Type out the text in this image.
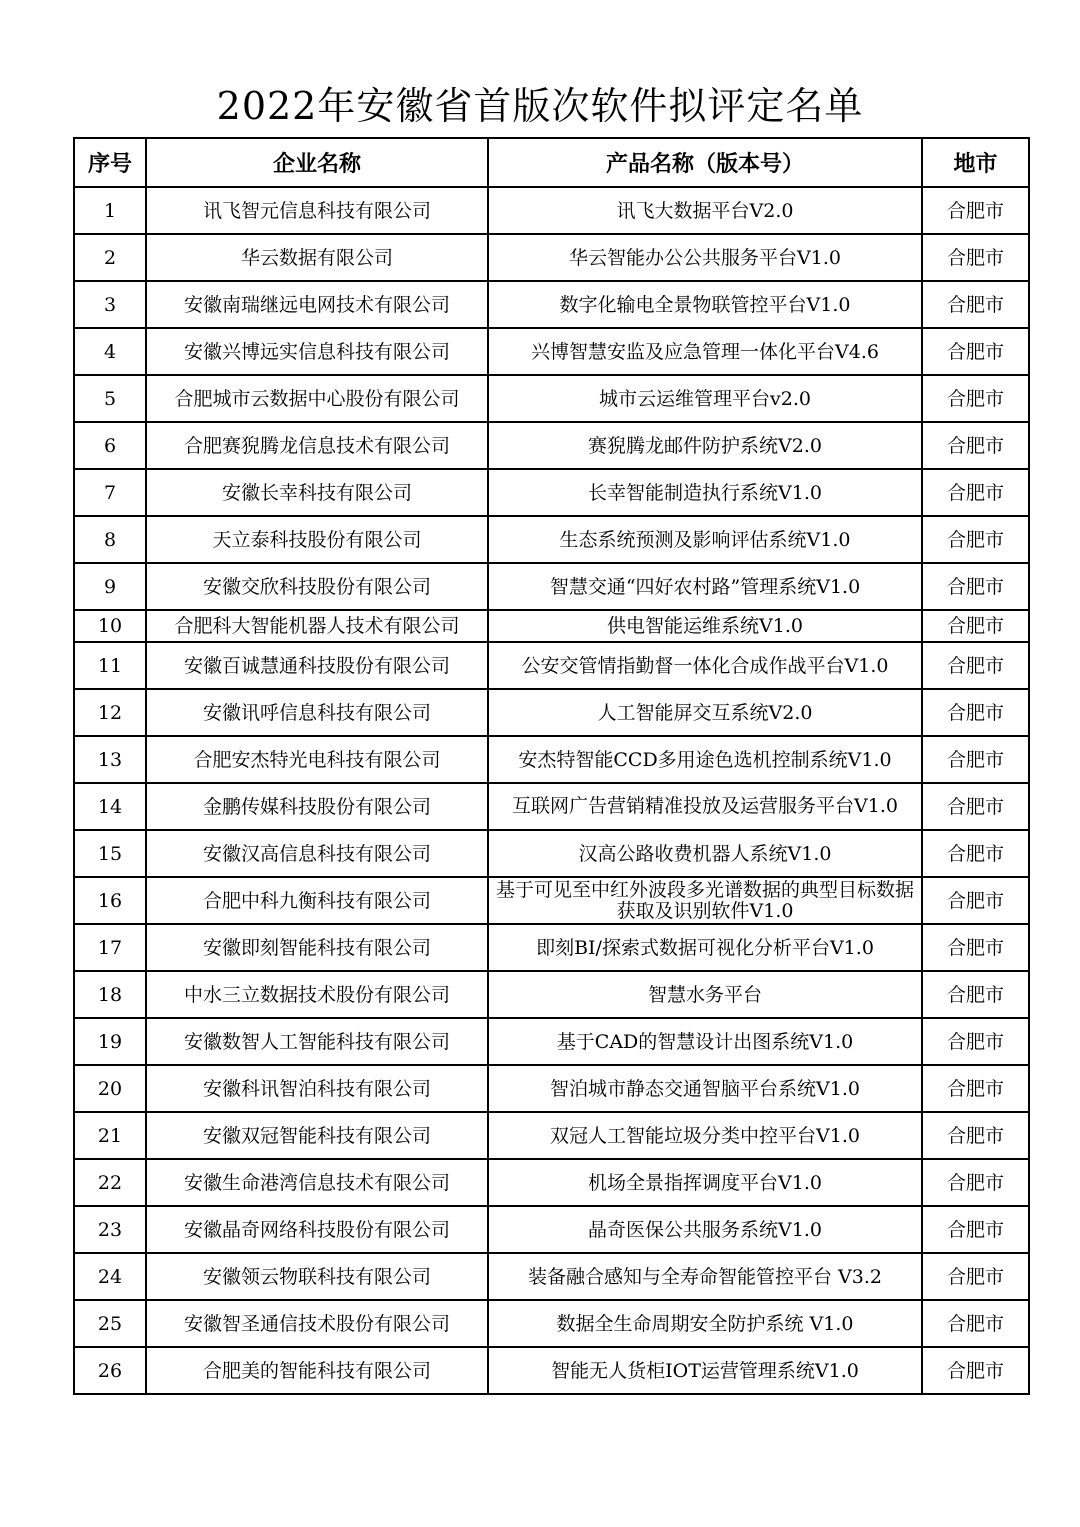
2022年安徽省首版次软件拟评定名单
序号	企业名称	产品名称（版本号）	地市
1	讯飞智元信息科技有限公司	讯飞大数据平台V2.0	合肥市
2	华云数据有限公司	华云智能办公公共服务平台V1.0	合肥市
3	安徽南瑞继远电网技术有限公司	数字化输电全景物联管控平台V1.0	合肥市
4	安徽兴博远实信息科技有限公司	兴博智慧安监及应急管理一体化平台V4.6	合肥市
5	合肥城市云数据中心股份有限公司	城市云运维管理平台v2.0	合肥市
6	合肥赛猊腾龙信息技术有限公司	赛猊腾龙邮件防护系统V2.0	合肥市
7	安徽长幸科技有限公司	长幸智能制造执行系统V1.0	合肥市
8	天立泰科技股份有限公司	生态系统预测及影响评估系统V1.0	合肥市
9	安徽交欣科技股份有限公司	智慧交通“四好农村路”管理系统V1.0	合肥市
10	合肥科大智能机器人技术有限公司	供电智能运维系统V1.0	合肥市
11	安徽百诚慧通科技股份有限公司	公安交管情指勤督一体化合成作战平台V1.0	合肥市
12	安徽讯呼信息科技有限公司	人工智能屏交互系统V2.0	合肥市
13	合肥安杰特光电科技有限公司	安杰特智能CCD多用途色选机控制系统V1.0	合肥市
14	金鹏传媒科技股份有限公司	互联网广告营销精准投放及运营服务平台V1.0	合肥市
15	安徽汉高信息科技有限公司	汉高公路收费机器人系统V1.0	合肥市
16	合肥中科九衡科技有限公司	基于可见至中红外波段多光谱数据的典型目标数据获取及识别软件V1.0	合肥市
17	安徽即刻智能科技有限公司	即刻BI/探索式数据可视化分析平台V1.0	合肥市
18	中水三立数据技术股份有限公司	智慧水务平台	合肥市
19	安徽数智人工智能科技有限公司	基于CAD的智慧设计出图系统V1.0	合肥市
20	安徽科讯智泊科技有限公司	智泊城市静态交通智脑平台系统V1.0	合肥市
21	安徽双冠智能科技有限公司	双冠人工智能垃圾分类中控平台V1.0	合肥市
22	安徽生命港湾信息技术有限公司	机场全景指挥调度平台V1.0	合肥市
23	安徽晶奇网络科技股份有限公司	晶奇医保公共服务系统V1.0	合肥市
24	安徽领云物联科技有限公司	装备融合感知与全寿命智能管控平台 V3.2	合肥市
25	安徽智圣通信技术股份有限公司	数据全生命周期安全防护系统 V1.0	合肥市
26	合肥美的智能科技有限公司	智能无人货柜IOT运营管理系统V1.0	合肥市
